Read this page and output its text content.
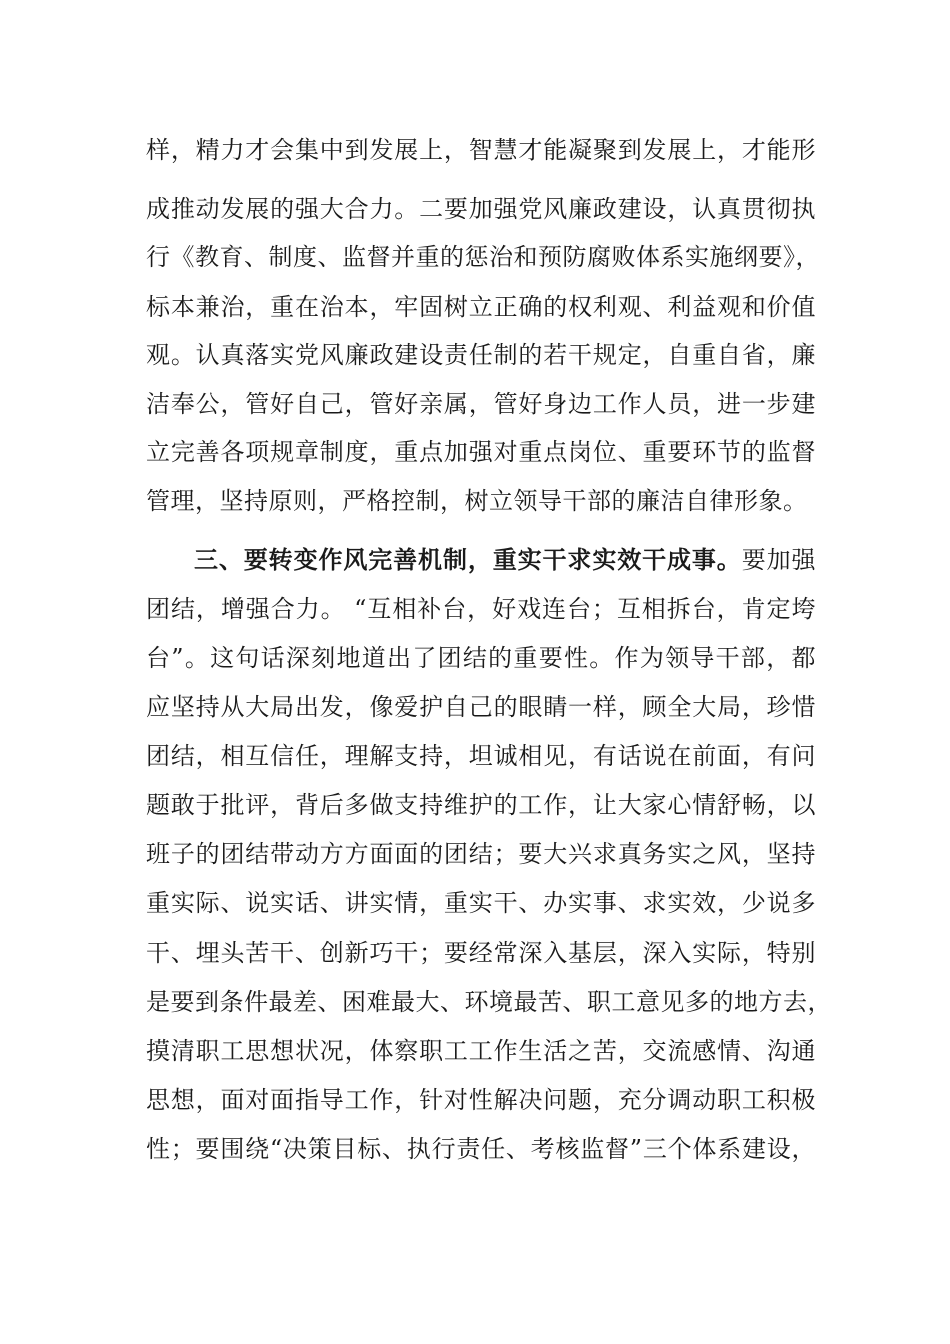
样，精力才会集中到发展上，智慧才能凝聚到发展上，才能形
成推动发展的强大合力。二要加强党风廉政建设，认真贯彻执
行《教育、制度、监督并重的惩治和预防腐败体系实施纲要》，
标本兼治，重在治本，牢固树立正确的权利观、利益观和价值
观。认真落实党风廉政建设责任制的若干规定，自重自省，廉
洁奉公，管好自己，管好亲属，管好身边工作人员，进一步建
立完善各项规章制度，重点加强对重点岗位、重要环节的监督
管理，坚持原则，严格控制，树立领导干部的廉洁自律形象。
三、要转变作风完善机制，重实干求实效干成事。要加强
团结，增强合力。 “互相补台，好戏连台；互相拆台，肯定垮
台”。这句话深刻地道出了团结的重要性。作为领导干部，都
应坚持从大局出发，像爱护自己的眼睛一样，顾全大局，珍惜
团结，相互信任，理解支持，坦诚相见，有话说在前面，有问
题敢于批评，背后多做支持维护的工作，让大家心情舒畅，以
班子的团结带动方方面面的团结；要大兴求真务实之风，坚持
重实际、说实话、讲实情，重实干、办实事、求实效，少说多
干、埋头苦干、创新巧干；要经常深入基层，深入实际，特别
是要到条件最差、困难最大、环境最苦、职工意见多的地方去，
摸清职工思想状况，体察职工工作生活之苦，交流感情、沟通
思想，面对面指导工作，针对性解决问题，充分调动职工积极
性；要围绕“决策目标、执行责任、考核监督”三个体系建设，
